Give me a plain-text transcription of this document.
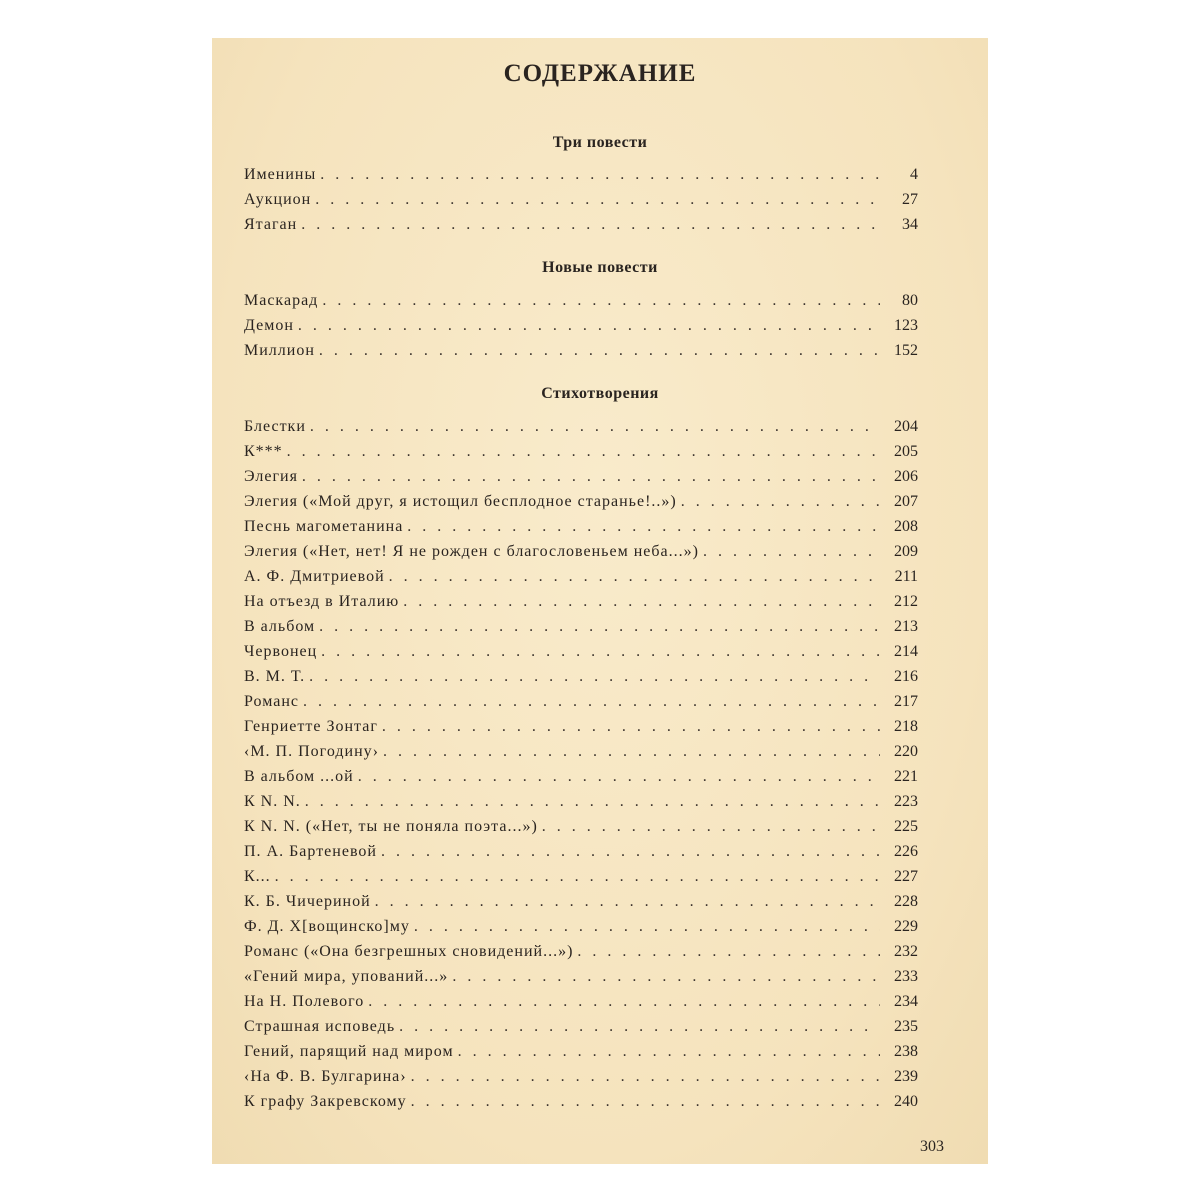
СОДЕРЖАНИЕ
Три повести
Именины . . .	4
Аукцион . . .	27
Ятаган . . .	34
Новые повести
Маскарад . . .	80
Демон . . .	123
Миллион . . .	152
Стихотворения
Блестки . . .	204
К*** . . .	205
Элегия . . .	206
Элегия («Мой друг, я истощил бесплодное старанье!..») . . .	207
Песнь магометанина . . .	208
Элегия («Нет, нет! Я не рожден с благословеньем неба...») . . .	209
А. Ф. Дмитриевой . . .	211
На отъезд в Италию . . .	212
В альбом . . .	213
Червонец . . .	214
В. М. Т. . . .	216
Романс . . .	217
Генриетте Зонтаг . . .	218
‹М. П. Погодину› . . .	220
В альбом ...ой . . .	221
К N. N. . . .	223
К N. N. («Нет, ты не поняла поэта...») . . .	225
П. А. Бартеневой . . .	226
К... . . .	227
К. Б. Чичериной . . .	228
Ф. Д. Х[вощинско]му . . .	229
Романс («Она безгрешных сновидений...») . . .	232
«Гений мира, упований...» . . .	233
На Н. Полевого . . .	234
Страшная исповедь . . .	235
Гений, парящий над миром . . .	238
‹На Ф. В. Булгарина› . . .	239
К графу Закревскому . . .	240
303
